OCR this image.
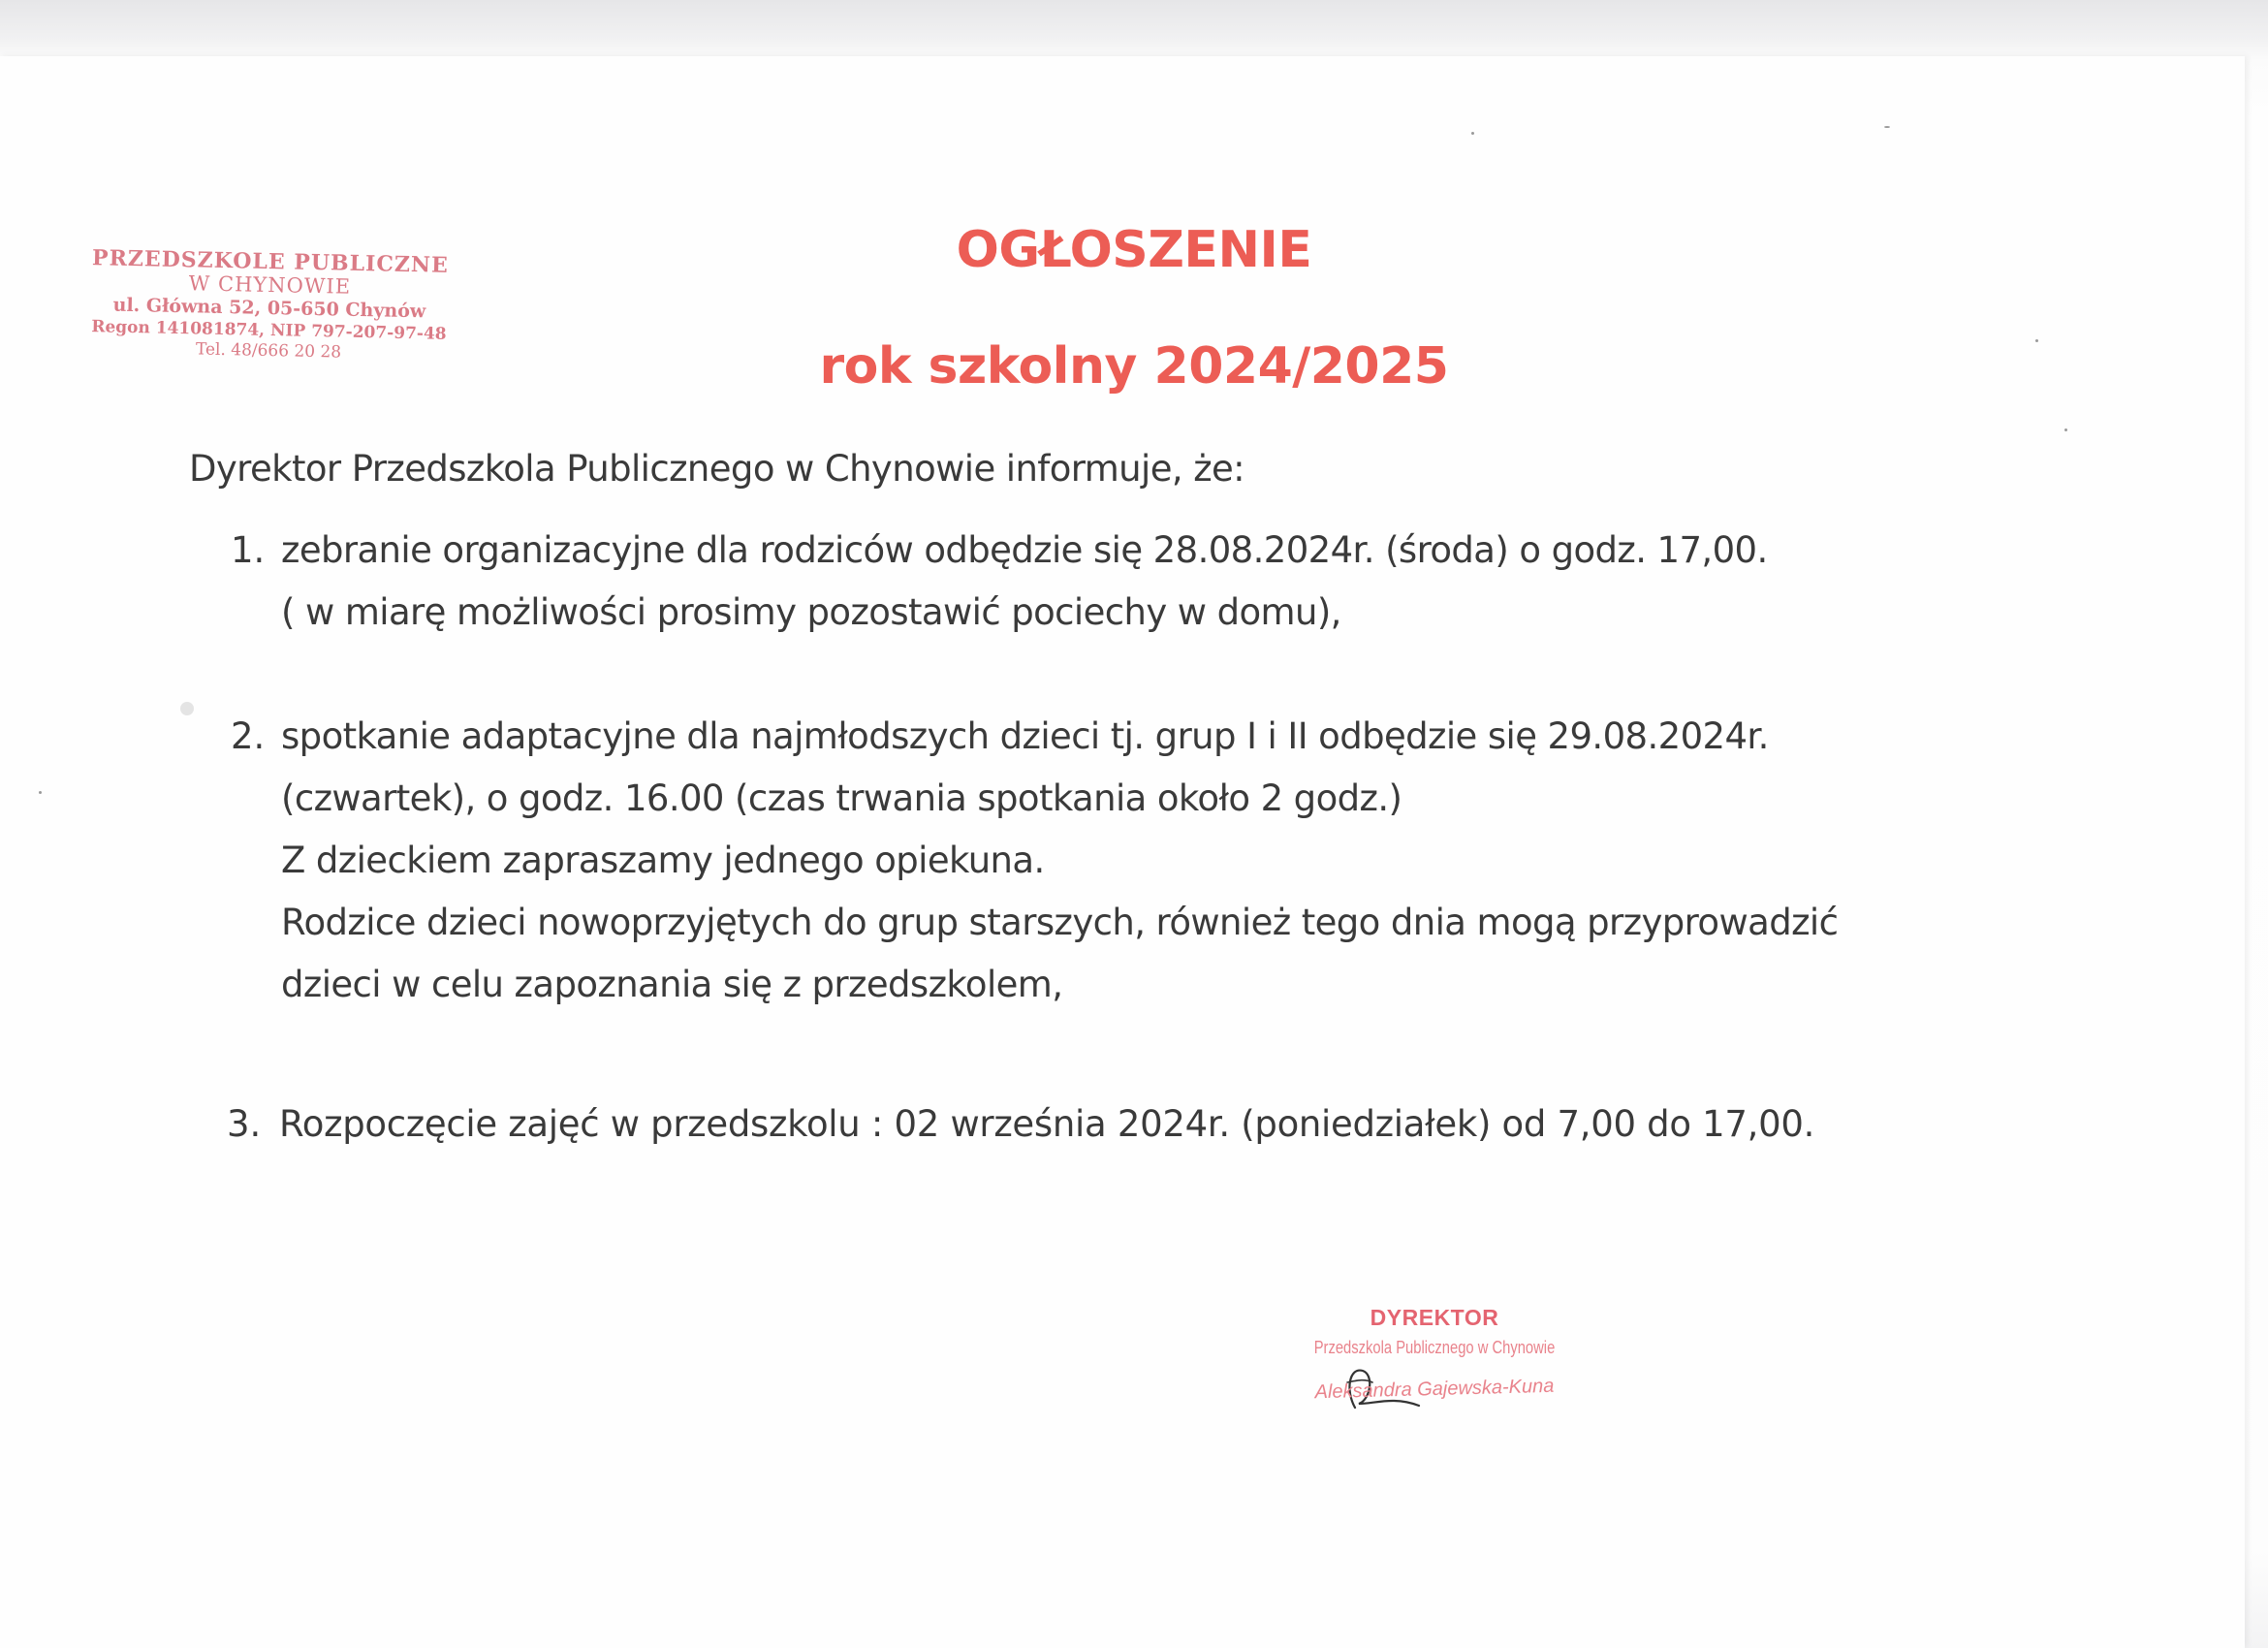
PRZEDSZKOLE PUBLICZNE
W CHYNOWIE
ul. Główna 52, 05-650 Chynów
Regon 141081874, NIP 797-207-97-48
Tel. 48/666 20 28
OGŁOSZENIE
rok szkolny 2024/2025
Dyrektor Przedszkola Publicznego w Chynowie informuje, że:
1. zebranie organizacyjne dla rodziców odbędzie się 28.08.2024r. (środa) o godz. 17,00.
( w miarę możliwości prosimy pozostawić pociechy w domu),
2. spotkanie adaptacyjne dla najmłodszych dzieci tj. grup I i II odbędzie się 29.08.2024r.
(czwartek), o godz. 16.00 (czas trwania spotkania około 2 godz.)
Z dzieckiem zapraszamy jednego opiekuna.
Rodzice dzieci nowoprzyjętych do grup starszych, również tego dnia mogą przyprowadzić
dzieci w celu zapoznania się z przedszkolem,
3. Rozpoczęcie zajęć w przedszkolu : 02 września 2024r. (poniedziałek) od 7,00 do 17,00.
DYREKTOR
Przedszkola Publicznego w Chynowie
Aleksandra Gajewska-Kuna
